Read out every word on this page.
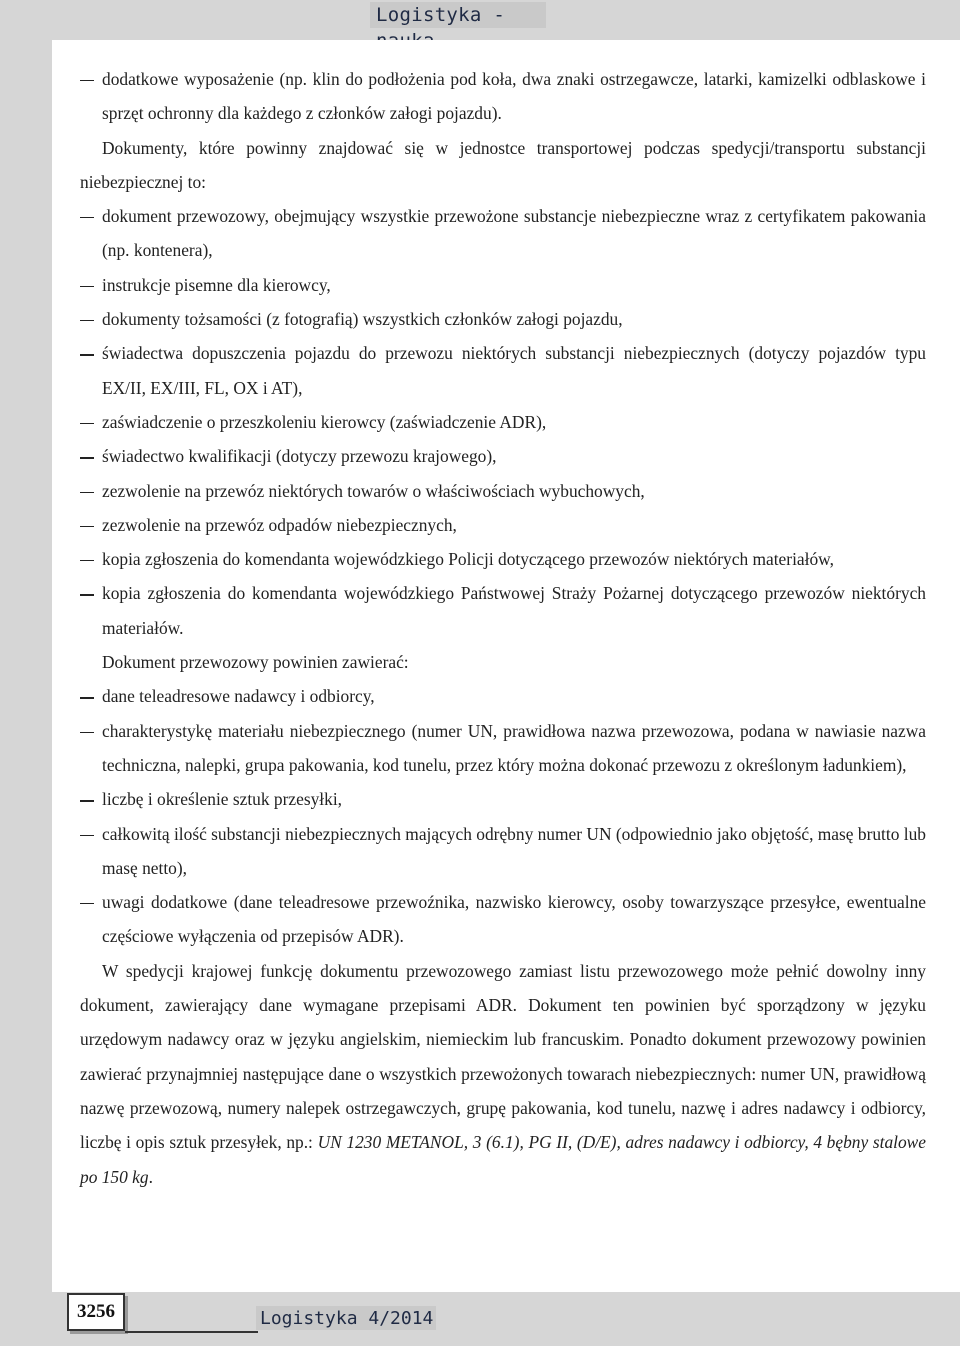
Logistyka -

dodatkowe wyposażenie (np. klin do podłożenia pod koła, dwa znaki ostrzegawcze, latarki, kamizelki odblaskowe i sprzęt ochronny dla każdego z członków załogi pojazdu).

Dokumenty, które powinny znajdować się w jednostce transportowej podczas spedycji/transportu substancji niebezpiecznej to:

dokument przewozowy, obejmujący wszystkie przewożone substancje niebezpieczne wraz z certyfikatem pakowania (np. kontenera),

instrukcje pisemne dla kierowcy,

dokumenty tożsamości (z fotografią) wszystkich członków załogi pojazdu,

świadectwa dopuszczenia pojazdu do przewozu niektórych substancji niebezpiecznych (dotyczy pojazdów typu EX/II, EX/III, FL, OX i AT),

zaświadczenie o przeszkoleniu kierowcy (zaświadczenie ADR),

świadectwo kwalifikacji (dotyczy przewozu krajowego),

zezwolenie na przewóz niektórych towarów o właściwościach wybuchowych,

zezwolenie na przewóz odpadów niebezpiecznych,

kopia zgłoszenia do komendanta wojewódzkiego Policji dotyczącego przewozów niektórych materiałów,

kopia zgłoszenia do komendanta wojewódzkiego Państwowej Straży Pożarnej dotyczącego przewozów niektórych materiałów.

Dokument przewozowy powinien zawierać:

dane teleadresowe nadawcy i odbiorcy,

charakterystykę materiału niebezpiecznego (numer UN, prawidłowa nazwa przewozowa, podana w nawiasie nazwa techniczna, nalepki, grupa pakowania, kod tunelu, przez który można dokonać przewozu z określonym ładunkiem),

liczbę i określenie sztuk przesyłki,

całkowitą ilość substancji niebezpiecznych mających odrębny numer UN (odpowiednio jako objętość, masę brutto lub masę netto),

uwagi dodatkowe (dane teleadresowe przewoźnika, nazwisko kierowcy, osoby towarzyszące przesyłce, ewentualne częściowe wyłączenia od przepisów ADR).

W spedycji krajowej funkcję dokumentu przewozowego zamiast listu przewozowego może pełnić dowolny inny dokument, zawierający dane wymagane przepisami ADR. Dokument ten powinien być sporządzony w języku urzędowym nadawcy oraz w języku angielskim, niemieckim lub francuskim. Ponadto dokument przewozowy powinien zawierać przynajmniej następujące dane o wszystkich przewożonych towarach niebezpiecznych: numer UN, prawidłową nazwę przewozową, numery nalepek ostrzegawczych, grupę pakowania, kod tunelu, nazwę i adres nadawcy i odbiorcy, liczbę i opis sztuk przesyłek, np.: UN 1230 METANOL, 3 (6.1), PG II, (D/E), adres nadawcy i odbiorcy, 4 bębny stalowe po 150 kg.

3256	Logistyka 4/2014
